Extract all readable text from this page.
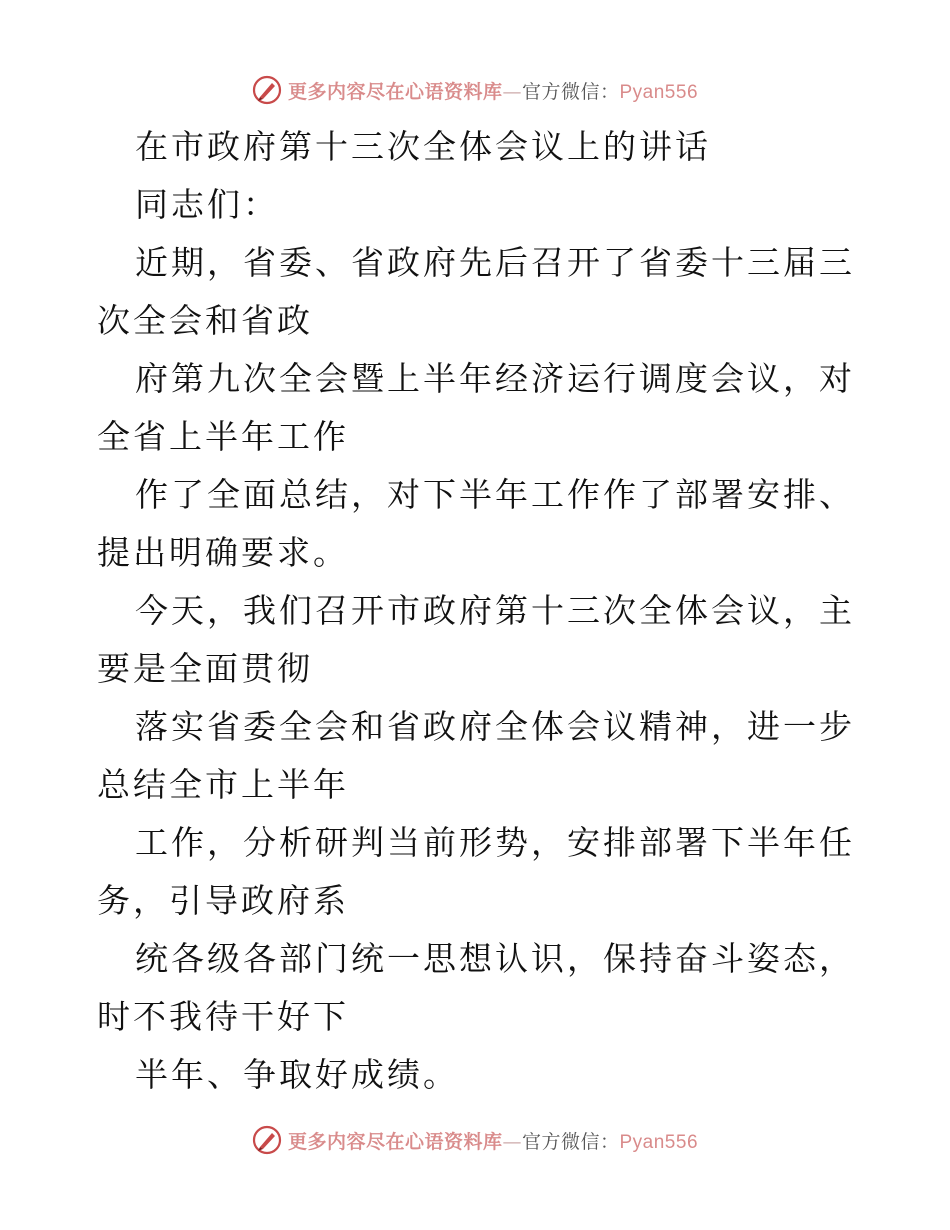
更多内容尽在心语资料库—官方微信：Pyan556

在市政府第十三次全体会议上的讲话

同志们：

近期，省委、省政府先后召开了省委十三届三次全会和省政

府第九次全会暨上半年经济运行调度会议，对全省上半年工作

作了全面总结，对下半年工作作了部署安排、提出明确要求。

今天，我们召开市政府第十三次全体会议，主要是全面贯彻

落实省委全会和省政府全体会议精神，进一步总结全市上半年

工作，分析研判当前形势，安排部署下半年任务，引导政府系

统各级各部门统一思想认识，保持奋斗姿态，时不我待干好下

半年、争取好成绩。

更多内容尽在心语资料库—官方微信：Pyan556
